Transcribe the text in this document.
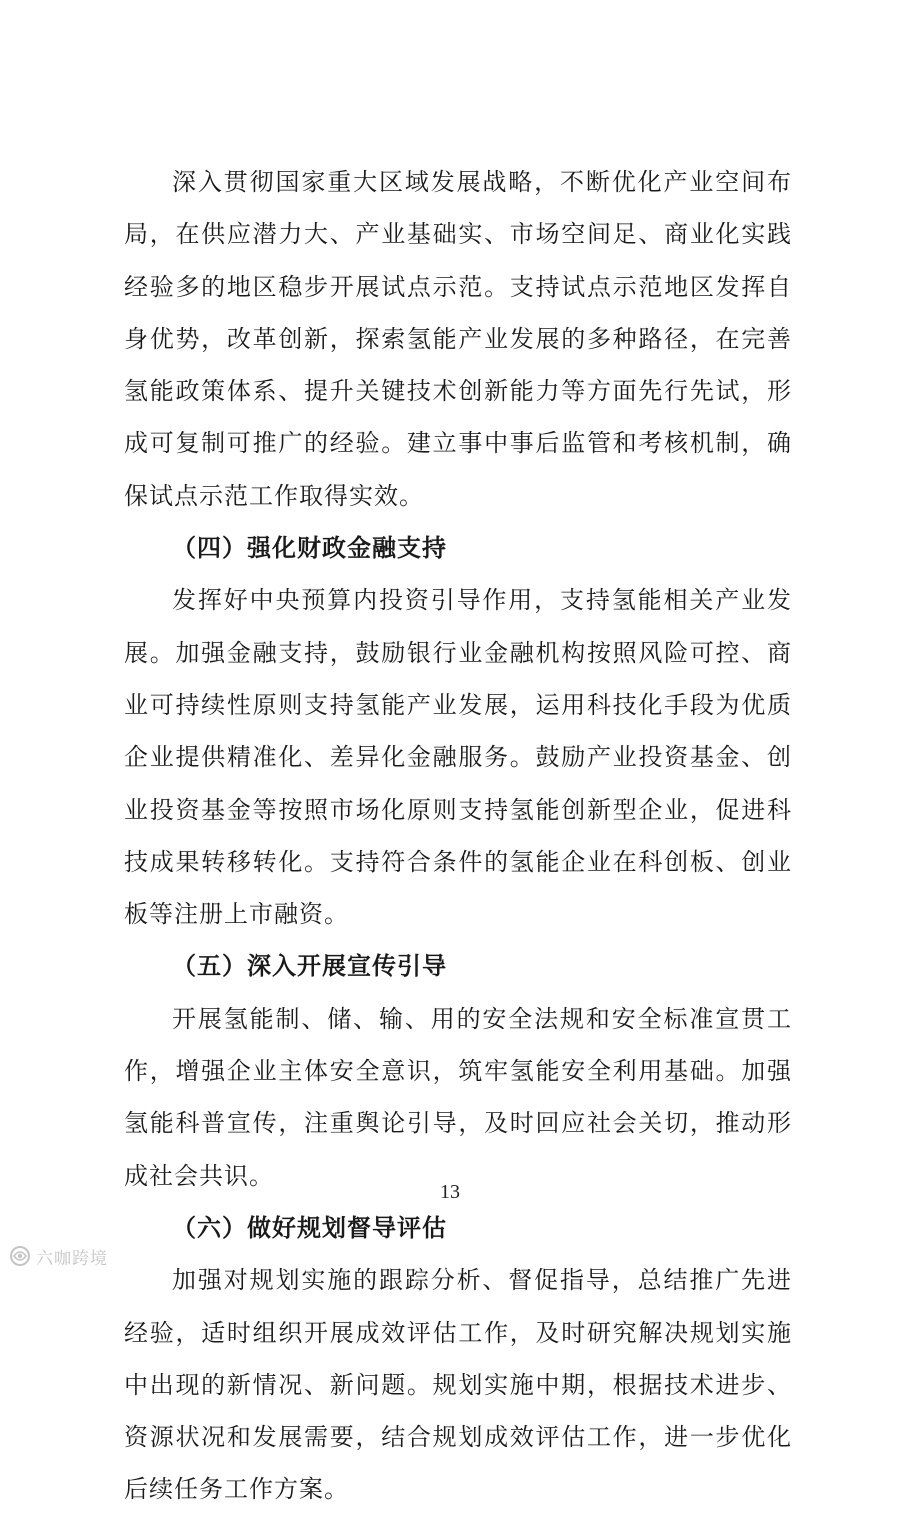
深入贯彻国家重大区域发展战略，不断优化产业空间布局，在供应潜力大、产业基础实、市场空间足、商业化实践经验多的地区稳步开展试点示范。支持试点示范地区发挥自身优势，改革创新，探索氢能产业发展的多种路径，在完善氢能政策体系、提升关键技术创新能力等方面先行先试，形成可复制可推广的经验。建立事中事后监管和考核机制，确保试点示范工作取得实效。

（四）强化财政金融支持

发挥好中央预算内投资引导作用，支持氢能相关产业发展。加强金融支持，鼓励银行业金融机构按照风险可控、商业可持续性原则支持氢能产业发展，运用科技化手段为优质企业提供精准化、差异化金融服务。鼓励产业投资基金、创业投资基金等按照市场化原则支持氢能创新型企业，促进科技成果转移转化。支持符合条件的氢能企业在科创板、创业板等注册上市融资。

（五）深入开展宣传引导

开展氢能制、储、输、用的安全法规和安全标准宣贯工作，增强企业主体安全意识，筑牢氢能安全利用基础。加强氢能科普宣传，注重舆论引导，及时回应社会关切，推动形成社会共识。

（六）做好规划督导评估

加强对规划实施的跟踪分析、督促指导，总结推广先进经验，适时组织开展成效评估工作，及时研究解决规划实施中出现的新情况、新问题。规划实施中期，根据技术进步、资源状况和发展需要，结合规划成效评估工作，进一步优化后续任务工作方案。

13
六咖跨境
